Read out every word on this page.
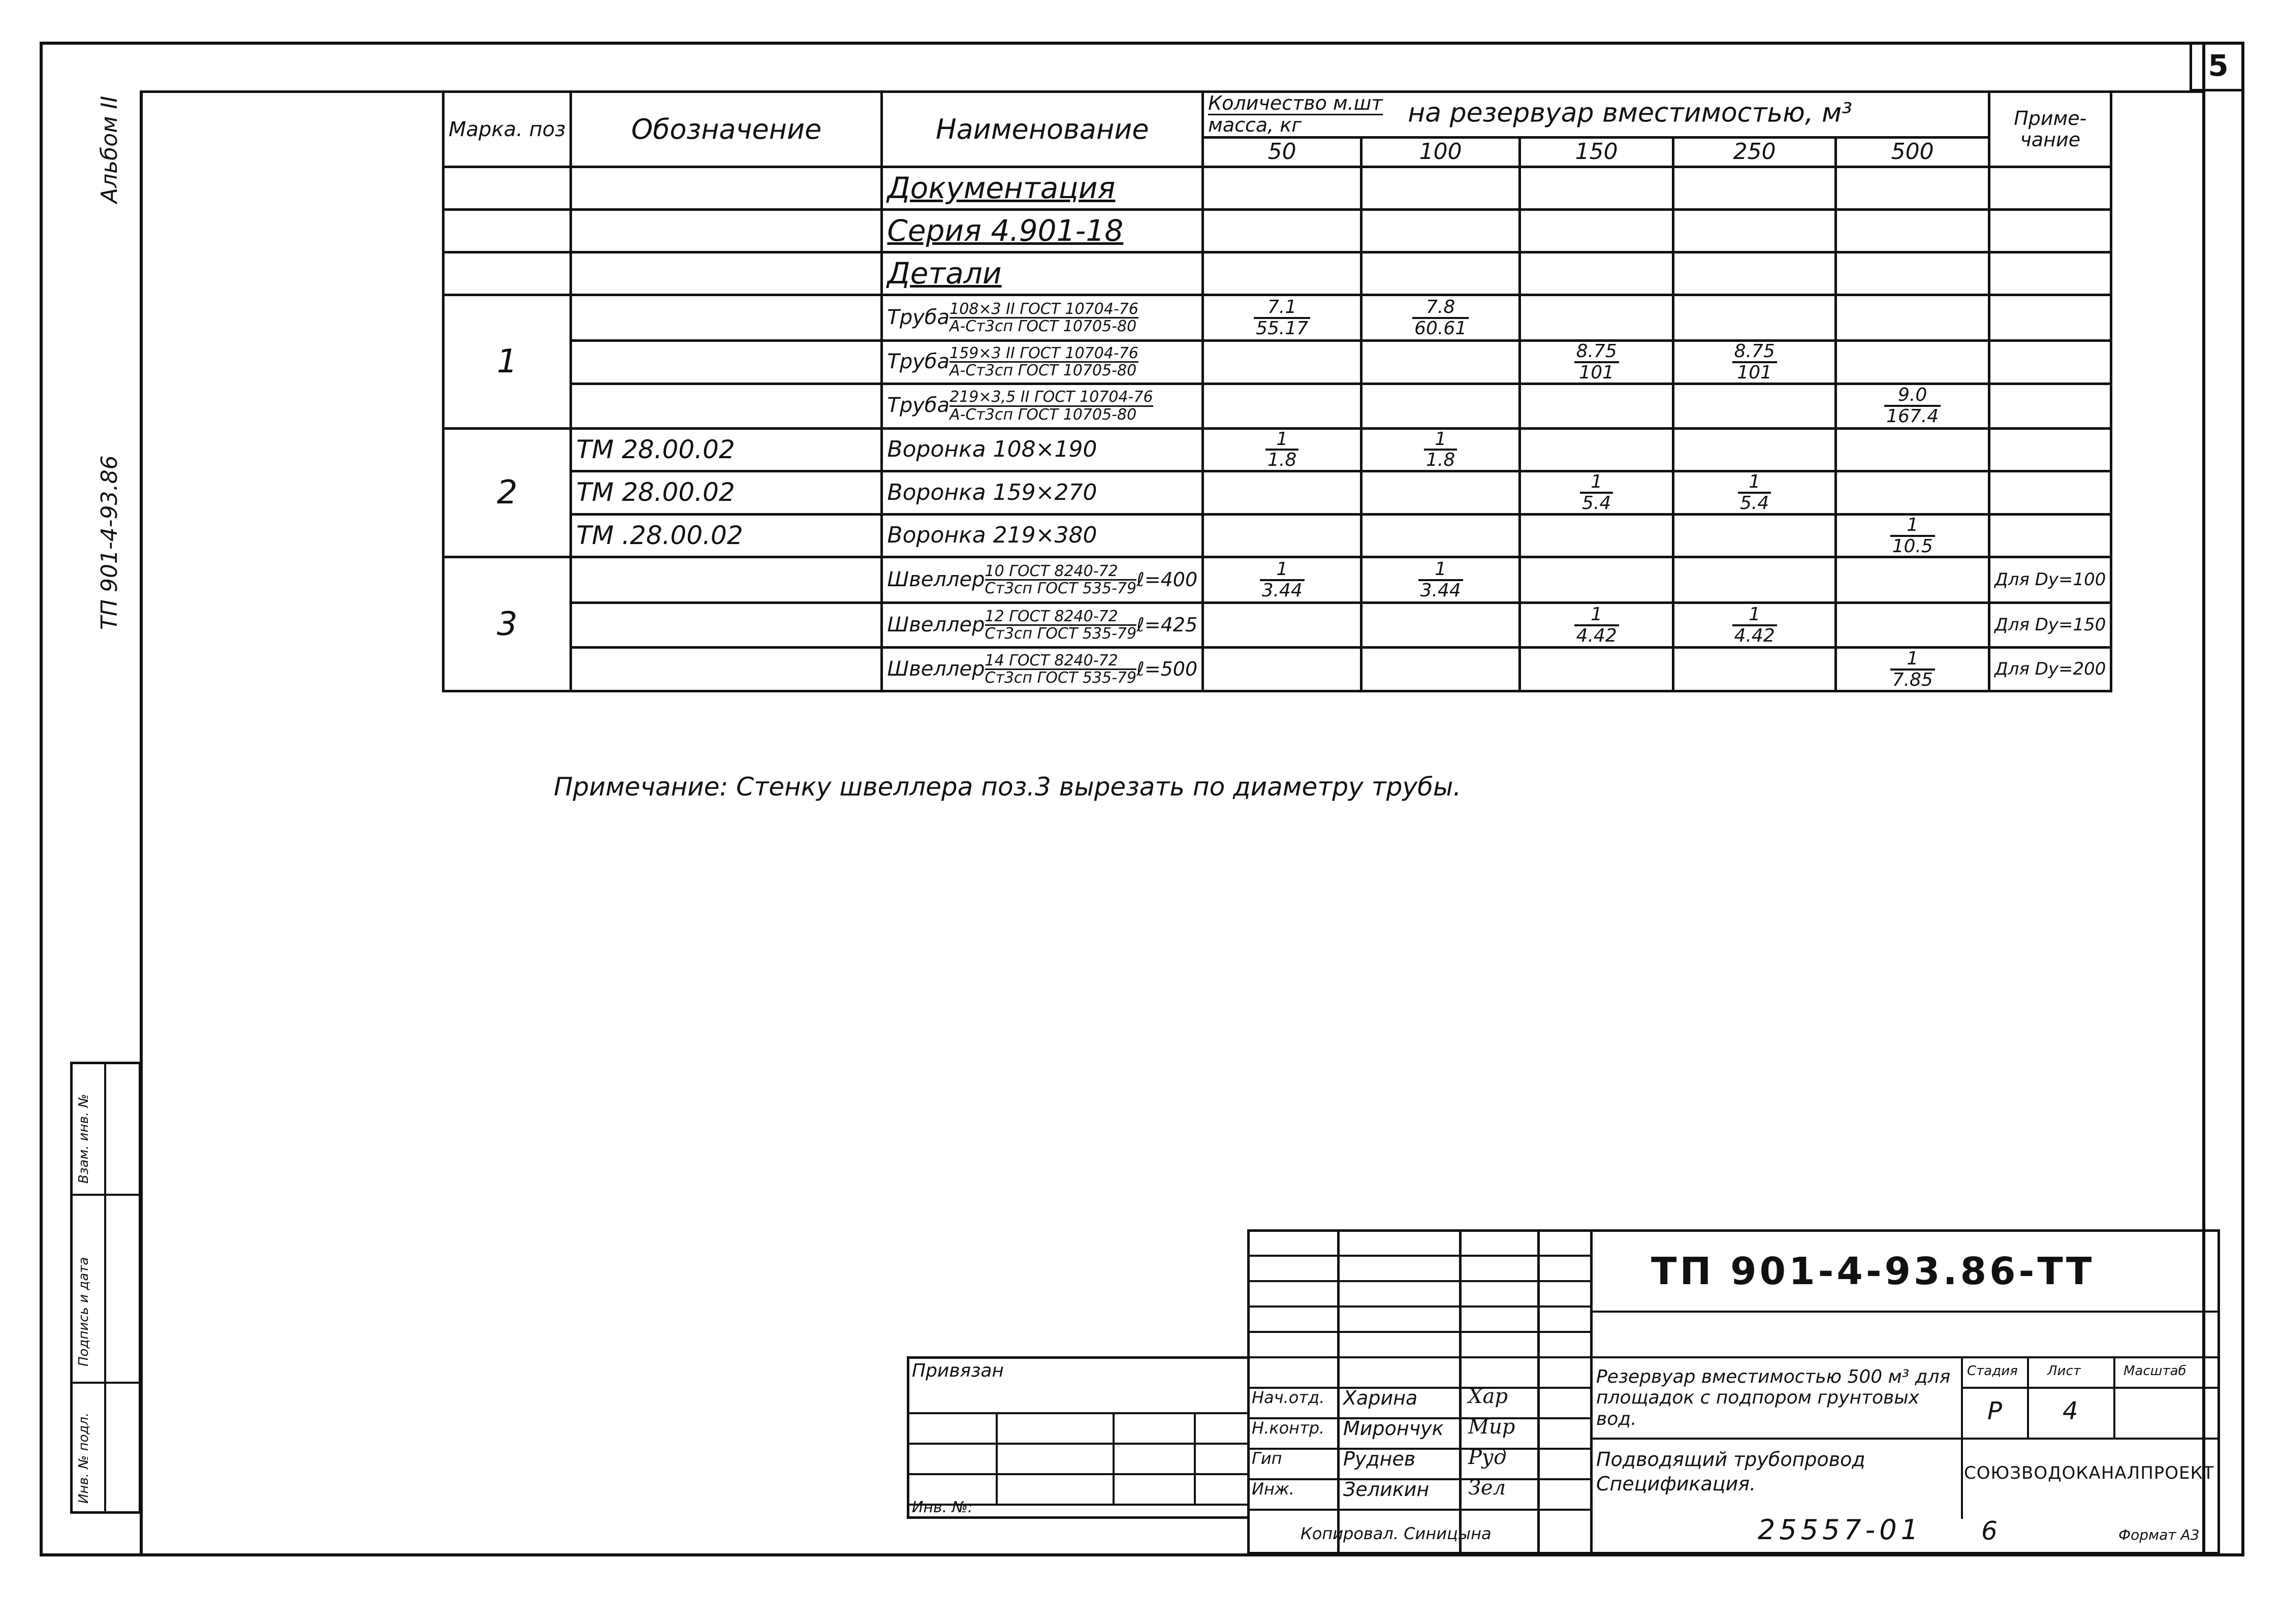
5
Альбом II
ТП 901-4-93.86
Инв. № подл.
Подпись и дата
Взам. инв. №
Марка. поз	Обозначение	Наименование	Количество м.шт
масса, кг на резервуар вместимостью, м³					Приме- чание
			50	100	150	250	500	
		Документация						
		Серия 4.901-18						
		Детали						
1		Труба 108×3 II ГОСТ 10704-76
А-Ст3сп ГОСТ 10705-80	$\frac{7.1}{55.17}$	$\frac{7.8}{60.61}$

		Труба 159×3 II ГОСТ 10704-76
А-Ст3сп ГОСТ 10705-80			$\frac{8.75}{101}$	$\frac{8.75}{101}$

		Труба 219×3,5 II ГОСТ 10704-76
А-Ст3сп ГОСТ 10705-80					$\frac{9.0}{167.4}$

2	ТМ 28.00.02	Воронка 108×190	$\frac{1}{1.8}$	$\frac{1}{1.8}$

	ТМ 28.00.02	Воронка 159×270			$\frac{1}{5.4}$	$\frac{1}{5.4}$

	ТМ .28.00.02	Воронка 219×380					$\frac{1}{10.5}$

3		Швеллер 10 ГОСТ 8240-72
Ст3сп ГОСТ 535-79 ℓ=400	$\frac{1}{3.44}$	$\frac{1}{3.44}$				Для Dу=100
		Швеллер 12 ГОСТ 8240-72
Ст3сп ГОСТ 535-79 ℓ=425			$\frac{1}{4.42}$	$\frac{1}{4.42}$		Для Dу=150
		Швеллер 14 ГОСТ 8240-72
Ст3сп ГОСТ 535-79 ℓ=500					$\frac{1}{7.85}$	Для Dу=200
Примечание: Стенку швеллера поз.3 вырезать по диаметру трубы.
Привязан
Инв. №:
Нач.отд. Харина Хар
Н.контр. Мирончук Мир
Гип	Руднев	Руд
Инж.	Зеликин Зел
ТП 901-4-93.86-ТТ
Резервуар вместимостью 500 м³ для площадок с подпором грунтовых вод.
Подводящий трубопровод Спецификация.
Стадия Лист	Масштаб
Р 4
СОЮЗВОДОКАНАЛПРОЕКТ
Копировал. Синицына	25557-01 6	Формат А3
